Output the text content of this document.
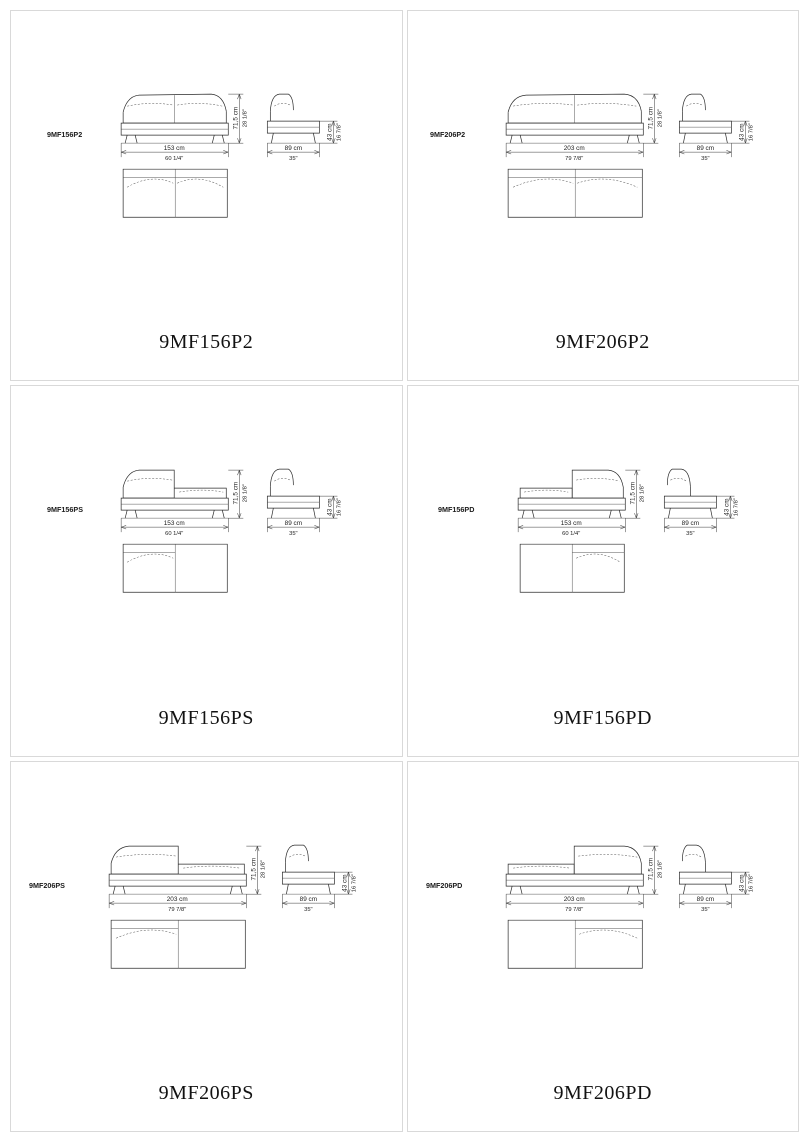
9MF156P2
153 cm
60 1/4"
71,5 cm 28 1/8"
89 cm
35"
43 cm 16 7/8"
9MF156P2
9MF206P2
203 cm
79 7/8"
71,5 cm 28 1/8"
89 cm
35"
43 cm 16 7/8"
9MF206P2
9MF156PS
153 cm
60 1/4"
71,5 cm 28 1/8"
89 cm
35"
43 cm 16 7/8"
9MF156PS
9MF156PD
153 cm
60 1/4"
71,5 cm 28 1/8"
89 cm
35"
43 cm 16 7/8"
9MF156PD
9MF206PS
203 cm
79 7/8"
71,5 cm 28 1/8"
89 cm
35"
43 cm 16 7/8"
9MF206PS
9MF206PD
203 cm
79 7/8"
71,5 cm 28 1/8"
89 cm
35"
43 cm 16 7/8"
9MF206PD
